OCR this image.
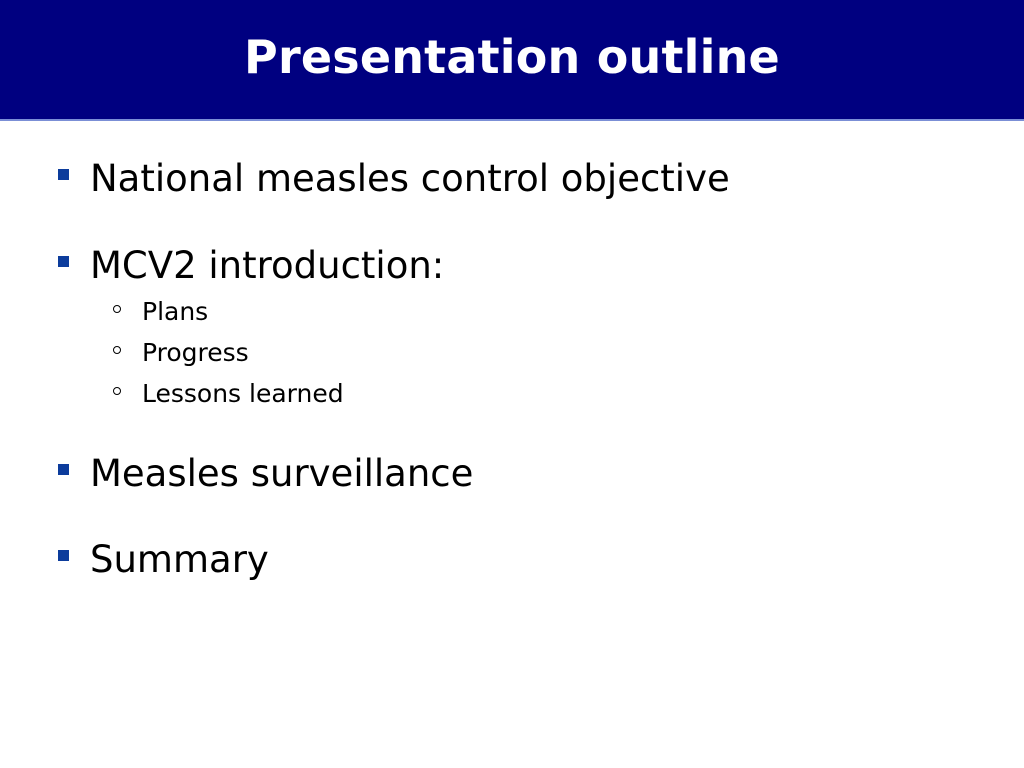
Presentation outline
National measles control objective
MCV2 introduction:
Plans
Progress
Lessons learned
Measles surveillance
Summary
